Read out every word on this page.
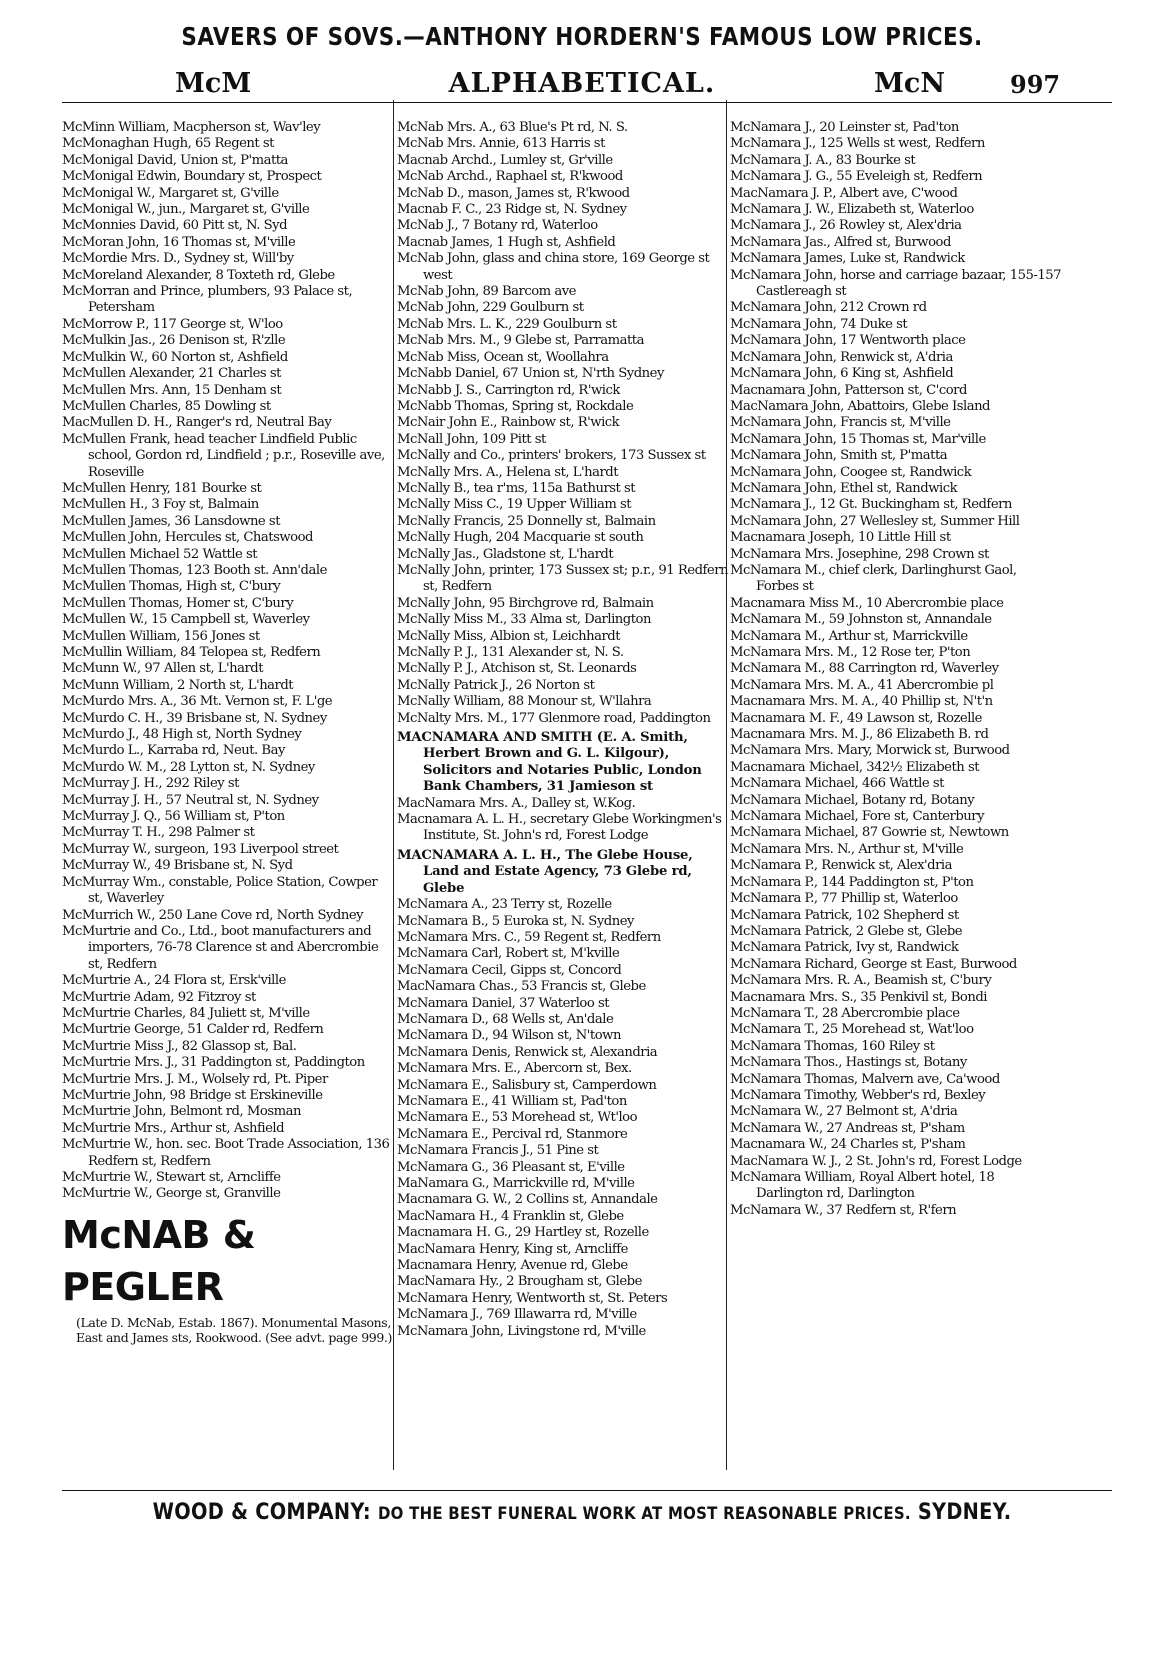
SAVERS OF SOVS.—ANTHONY HORDERN'S FAMOUS LOW PRICES.
McM	ALPHABETICAL.	McN	997

McMinn William, Macpherson st, Wav'ley

McMonaghan Hugh, 65 Regent st

McMonigal David, Union st, P'matta

McMonigal Edwin, Boundary st, Prospect

McMonigal W., Margaret st, G'ville

McMonigal W., jun., Margaret st, G'ville

McMonnies David, 60 Pitt st, N. Syd

McMoran John, 16 Thomas st, M'ville

McMordie Mrs. D., Sydney st, Will'by

McMoreland Alexander, 8 Toxteth rd, Glebe

McMorran and Prince, plumbers, 93 Palace st, Petersham

McMorrow P., 117 George st, W'loo

McMulkin Jas., 26 Denison st, R'zlle

McMulkin W., 60 Norton st, Ashfield

McMullen Alexander, 21 Charles st

McMullen Mrs. Ann, 15 Denham st

McMullen Charles, 85 Dowling st

MacMullen D. H., Ranger's rd, Neutral Bay

McMullen Frank, head teacher Lindfield Public school, Gordon rd, Lindfield ; p.r., Roseville ave, Roseville

McMullen Henry, 181 Bourke st

McMullen H., 3 Foy st, Balmain

McMullen James, 36 Lansdowne st

McMullen John, Hercules st, Chatswood

McMullen Michael 52 Wattle st

McMullen Thomas, 123 Booth st. Ann'dale

McMullen Thomas, High st, C'bury

McMullen Thomas, Homer st, C'bury

McMullen W., 15 Campbell st, Waverley

McMullen William, 156 Jones st

McMullin William, 84 Telopea st, Redfern

McMunn W., 97 Allen st, L'hardt

McMunn William, 2 North st, L'hardt

McMurdo Mrs. A., 36 Mt. Vernon st, F. L'ge

McMurdo C. H., 39 Brisbane st, N. Sydney

McMurdo J., 48 High st, North Sydney

McMurdo L., Karraba rd, Neut. Bay

McMurdo W. M., 28 Lytton st, N. Sydney

McMurray J. H., 292 Riley st

McMurray J. H., 57 Neutral st, N. Sydney

McMurray J. Q., 56 William st, P'ton

McMurray T. H., 298 Palmer st

McMurray W., surgeon, 193 Liverpool street

McMurray W., 49 Brisbane st, N. Syd

McMurray Wm., constable, Police Station, Cowper st, Waverley

McMurrich W., 250 Lane Cove rd, North Sydney

McMurtrie and Co., Ltd., boot manufacturers and importers, 76-78 Clarence st and Abercrombie st, Redfern

McMurtrie A., 24 Flora st, Ersk'ville

McMurtrie Adam, 92 Fitzroy st

McMurtrie Charles, 84 Juliett st, M'ville

McMurtrie George, 51 Calder rd, Redfern

McMurtrie Miss J., 82 Glassop st, Bal.

McMurtrie Mrs. J., 31 Paddington st, Paddington

McMurtrie Mrs. J. M., Wolsely rd, Pt. Piper

McMurtrie John, 98 Bridge st Erskineville

McMurtrie John, Belmont rd, Mosman

McMurtrie Mrs., Arthur st, Ashfield

McMurtrie W., hon. sec. Boot Trade Association, 136 Redfern st, Redfern

McMurtrie W., Stewart st, Arncliffe

McMurtrie W., George st, Granville

McNAB & PEGLER

(Late D. McNab, Estab. 1867). Monumental Masons, East and James sts, Rookwood. (See advt. page 999.)

McNab Mrs. A., 63 Blue's Pt rd, N. S.

McNab Mrs. Annie, 613 Harris st

Macnab Archd., Lumley st, Gr'ville

McNab Archd., Raphael st, R'kwood

McNab D., mason, James st, R'kwood

Macnab F. C., 23 Ridge st, N. Sydney

McNab J., 7 Botany rd, Waterloo

Macnab James, 1 Hugh st, Ashfield

McNab John, glass and china store, 169 George st west

McNab John, 89 Barcom ave

McNab John, 229 Goulburn st

McNab Mrs. L. K., 229 Goulburn st

McNab Mrs. M., 9 Glebe st, Parramatta

McNab Miss, Ocean st, Woollahra

McNabb Daniel, 67 Union st, N'rth Sydney

McNabb J. S., Carrington rd, R'wick

McNabb Thomas, Spring st, Rockdale

McNair John E., Rainbow st, R'wick

McNall John, 109 Pitt st

McNally and Co., printers' brokers, 173 Sussex st

McNally Mrs. A., Helena st, L'hardt

McNally B., tea r'ms, 115a Bathurst st

McNally Miss C., 19 Upper William st

McNally Francis, 25 Donnelly st, Balmain

McNally Hugh, 204 Macquarie st south

McNally Jas., Gladstone st, L'hardt

McNally John, printer, 173 Sussex st; p.r., 91 Redfern st, Redfern

McNally John, 95 Birchgrove rd, Balmain

McNally Miss M., 33 Alma st, Darlington

McNally Miss, Albion st, Leichhardt

McNally P. J., 131 Alexander st, N. S.

McNally P. J., Atchison st, St. Leonards

McNally Patrick J., 26 Norton st

McNally William, 88 Monour st, W'llahra

McNalty Mrs. M., 177 Glenmore road, Paddington

MACNAMARA AND SMITH (E. A. Smith, Herbert Brown and G. L. Kilgour), Solicitors and Notaries Public, London Bank Chambers, 31 Jamieson st

MacNamara Mrs. A., Dalley st, W.Kog.

Macnamara A. L. H., secretary Glebe Workingmen's Institute, St. John's rd, Forest Lodge

MACNAMARA A. L. H., The Glebe House, Land and Estate Agency, 73 Glebe rd, Glebe

McNamara A., 23 Terry st, Rozelle

McNamara B., 5 Euroka st, N. Sydney

McNamara Mrs. C., 59 Regent st, Redfern

McNamara Carl, Robert st, M'kville

McNamara Cecil, Gipps st, Concord

MacNamara Chas., 53 Francis st, Glebe

McNamara Daniel, 37 Waterloo st

McNamara D., 68 Wells st, An'dale

McNamara D., 94 Wilson st, N'town

McNamara Denis, Renwick st, Alexandria

McNamara Mrs. E., Abercorn st, Bex.

McNamara E., Salisbury st, Camperdown

McNamara E., 41 William st, Pad'ton

McNamara E., 53 Morehead st, Wt'loo

McNamara E., Percival rd, Stanmore

McNamara Francis J., 51 Pine st

McNamara G., 36 Pleasant st, E'ville

MaNamara G., Marrickville rd, M'ville

Macnamara G. W., 2 Collins st, Annandale

MacNamara H., 4 Franklin st, Glebe

Macnamara H. G., 29 Hartley st, Rozelle

MacNamara Henry, King st, Arncliffe

Macnamara Henry, Avenue rd, Glebe

MacNamara Hy., 2 Brougham st, Glebe

McNamara Henry, Wentworth st, St. Peters

McNamara J., 769 Illawarra rd, M'ville

McNamara John, Livingstone rd, M'ville

McNamara J., 20 Leinster st, Pad'ton

McNamara J., 125 Wells st west, Redfern

McNamara J. A., 83 Bourke st

McNamara J. G., 55 Eveleigh st, Redfern

MacNamara J. P., Albert ave, C'wood

McNamara J. W., Elizabeth st, Waterloo

McNamara J., 26 Rowley st, Alex'dria

McNamara Jas., Alfred st, Burwood

McNamara James, Luke st, Randwick

McNamara John, horse and carriage bazaar, 155-157 Castlereagh st

McNamara John, 212 Crown rd

McNamara John, 74 Duke st

McNamara John, 17 Wentworth place

McNamara John, Renwick st, A'dria

McNamara John, 6 King st, Ashfield

Macnamara John, Patterson st, C'cord

MacNamara John, Abattoirs, Glebe Island

McNamara John, Francis st, M'ville

McNamara John, 15 Thomas st, Mar'ville

McNamara John, Smith st, P'matta

McNamara John, Coogee st, Randwick

McNamara John, Ethel st, Randwick

McNamara J., 12 Gt. Buckingham st, Redfern

McNamara John, 27 Wellesley st, Summer Hill

Macnamara Joseph, 10 Little Hill st

McNamara Mrs. Josephine, 298 Crown st

McNamara M., chief clerk, Darlinghurst Gaol, Forbes st

Macnamara Miss M., 10 Abercrombie place

McNamara M., 59 Johnston st, Annandale

McNamara M., Arthur st, Marrickville

McNamara Mrs. M., 12 Rose ter, P'ton

McNamara M., 88 Carrington rd, Waverley

McNamara Mrs. M. A., 41 Abercrombie pl

Macnamara Mrs. M. A., 40 Phillip st, N't'n

Macnamara M. F., 49 Lawson st, Rozelle

Macnamara Mrs. M. J., 86 Elizabeth B. rd

McNamara Mrs. Mary, Morwick st, Burwood

Macnamara Michael, 342½ Elizabeth st

McNamara Michael, 466 Wattle st

McNamara Michael, Botany rd, Botany

McNamara Michael, Fore st, Canterbury

McNamara Michael, 87 Gowrie st, Newtown

McNamara Mrs. N., Arthur st, M'ville

McNamara P., Renwick st, Alex'dria

McNamara P., 144 Paddington st, P'ton

McNamara P., 77 Phillip st, Waterloo

McNamara Patrick, 102 Shepherd st

McNamara Patrick, 2 Glebe st, Glebe

McNamara Patrick, Ivy st, Randwick

McNamara Richard, George st East, Burwood

McNamara Mrs. R. A., Beamish st, C'bury

Macnamara Mrs. S., 35 Penkivil st, Bondi

McNamara T., 28 Abercrombie place

McNamara T., 25 Morehead st, Wat'loo

McNamara Thomas, 160 Riley st

McNamara Thos., Hastings st, Botany

McNamara Thomas, Malvern ave, Ca'wood

McNamara Timothy, Webber's rd, Bexley

McNamara W., 27 Belmont st, A'dria

McNamara W., 27 Andreas st, P'sham

Macnamara W., 24 Charles st, P'sham

MacNamara W. J., 2 St. John's rd, Forest Lodge

McNamara William, Royal Albert hotel, 18 Darlington rd, Darlington

McNamara W., 37 Redfern st, R'fern

WOOD & COMPANY: DO THE BEST FUNERAL WORK AT MOST REASONABLE PRICES. SYDNEY.
